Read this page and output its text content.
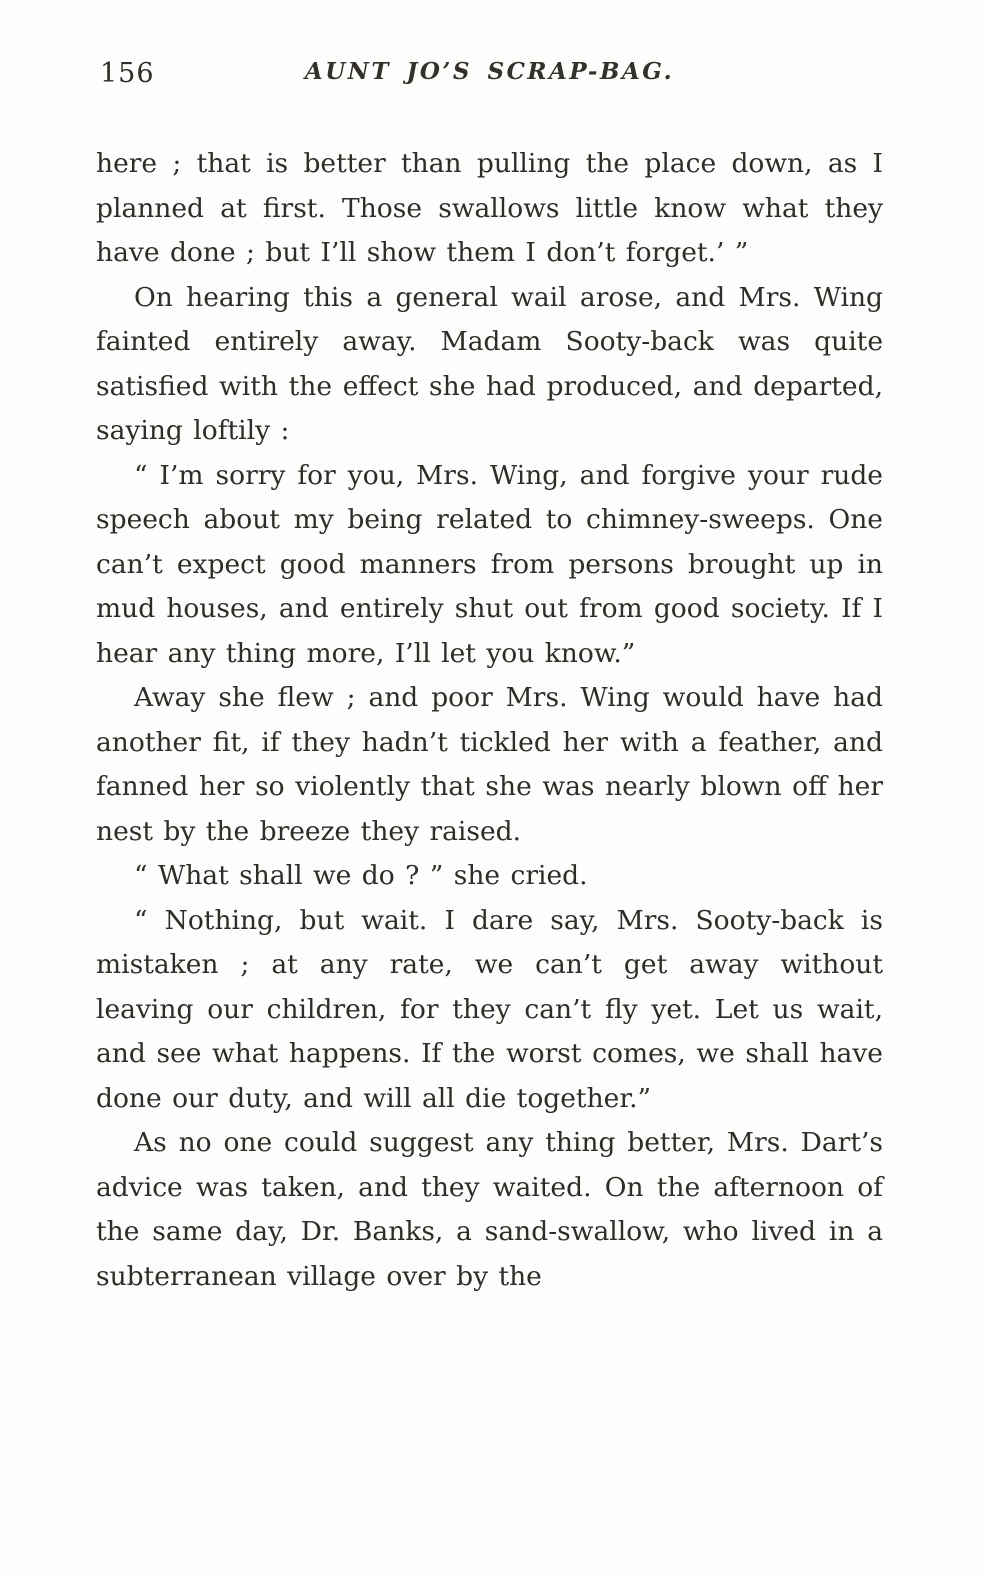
156	AUNT JO’S SCRAP-BAG.

here ; that is better than pulling the place down, as I planned at first. Those swallows little know what they have done ; but I’ll show them I don’t forget.’ ”

On hearing this a general wail arose, and Mrs. Wing fainted entirely away. Madam Sooty-back was quite satisfied with the effect she had produced, and departed, saying loftily :

“ I’m sorry for you, Mrs. Wing, and forgive your rude speech about my being related to chimney-sweeps. One can’t expect good manners from persons brought up in mud houses, and entirely shut out from good society. If I hear any thing more, I’ll let you know.”

Away she flew ; and poor Mrs. Wing would have had another fit, if they hadn’t tickled her with a feather, and fanned her so violently that she was nearly blown off her nest by the breeze they raised.

“ What shall we do ? ” she cried.

“ Nothing, but wait. I dare say, Mrs. Sooty-back is mistaken ; at any rate, we can’t get away without leaving our children, for they can’t fly yet. Let us wait, and see what happens. If the worst comes, we shall have done our duty, and will all die together.”

As no one could suggest any thing better, Mrs. Dart’s advice was taken, and they waited. On the afternoon of the same day, Dr. Banks, a sand-swallow, who lived in a subterranean village over by the
